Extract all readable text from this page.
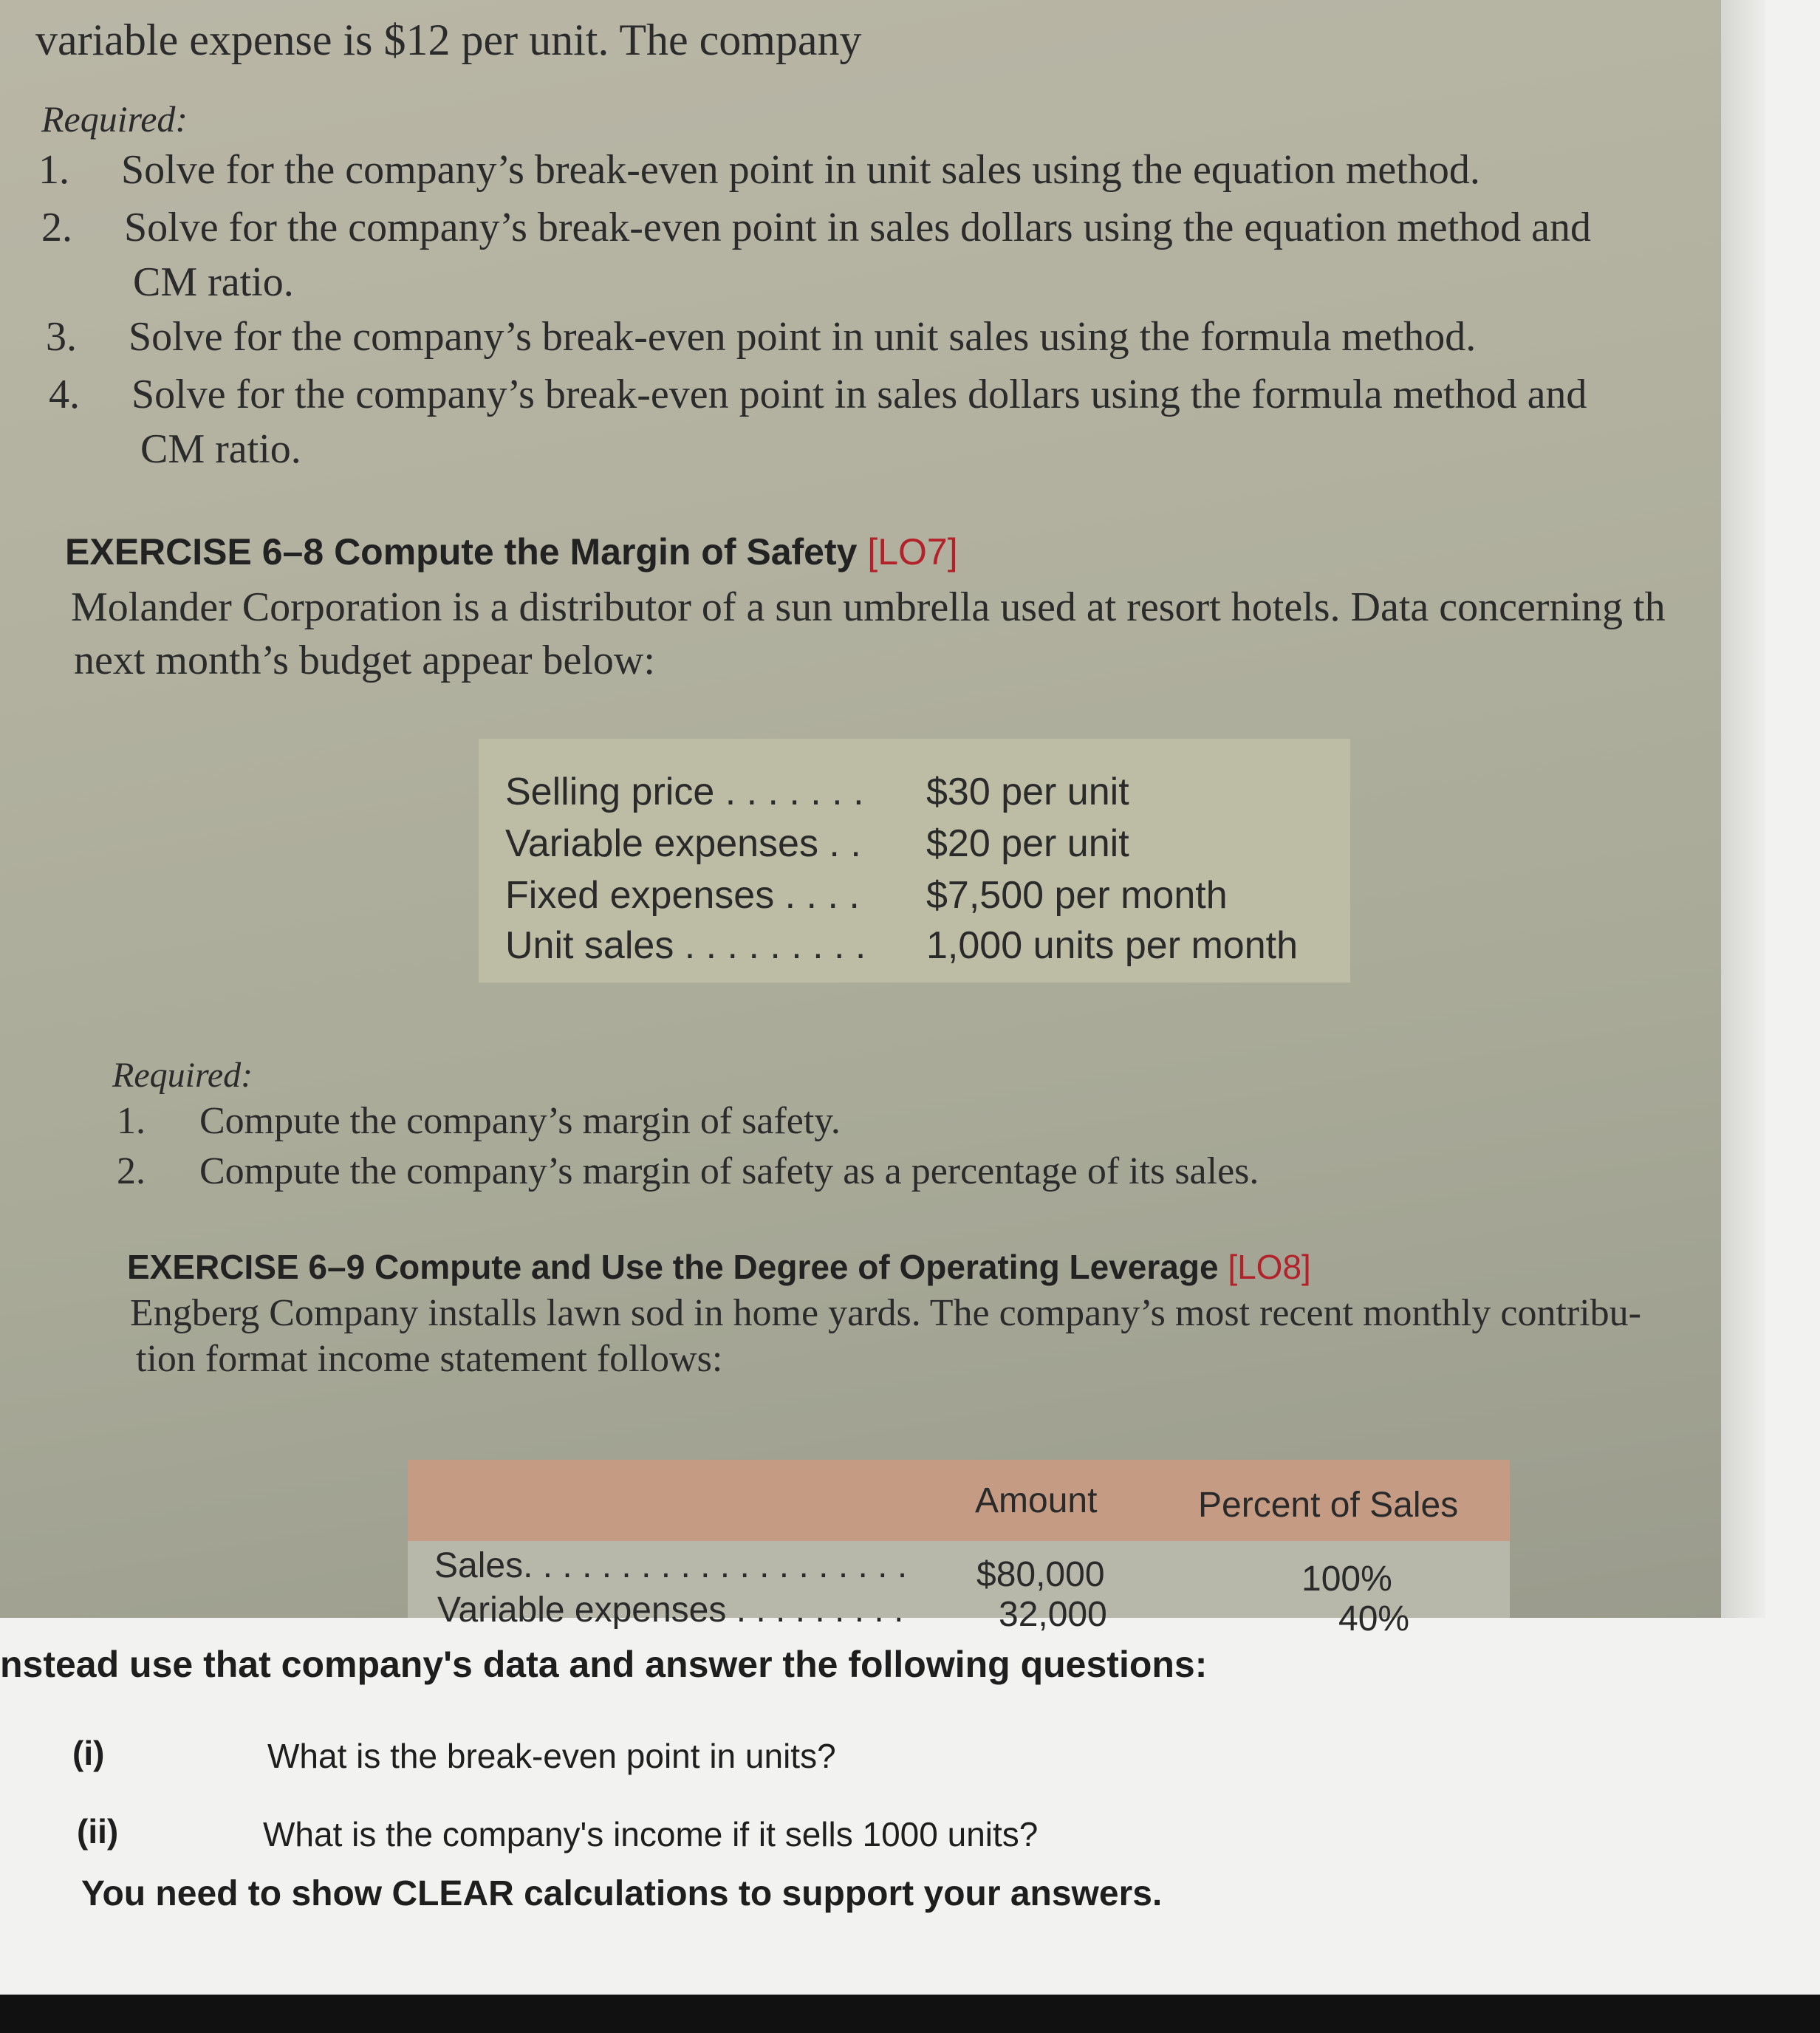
variable expense is $12 per unit. The company
Required:
1. Solve for the company’s break-even point in unit sales using the equation method.
2. Solve for the company’s break-even point in sales dollars using the equation method and
CM ratio.
3. Solve for the company’s break-even point in unit sales using the formula method.
4. Solve for the company’s break-even point in sales dollars using the formula method and
CM ratio.
EXERCISE 6–8 Compute the Margin of Safety [LO7]
Molander Corporation is a distributor of a sun umbrella used at resort hotels. Data concerning th
next month’s budget appear below:
Selling price . . . . . . . $30 per unit
Variable expenses . . $20 per unit
Fixed expenses . . . . $7,500 per month
Unit sales . . . . . . . . . 1,000 units per month
Required:
1. Compute the company’s margin of safety.
2. Compute the company’s margin of safety as a percentage of its sales.
EXERCISE 6–9 Compute and Use the Degree of Operating Leverage [LO8]
Engberg Company installs lawn sod in home yards. The company’s most recent monthly contribu-
tion format income statement follows:
Amount	Percent of Sales
Sales. . . . . . . . . . . . . . . . . . . . $80,000	100%
Variable expenses . . . . . . . . .	32,000	40%
nstead use that company's data and answer the following questions:
(i)	What is the break-even point in units?
(ii)	What is the company's income if it sells 1000 units?
You need to show CLEAR calculations to support your answers.
